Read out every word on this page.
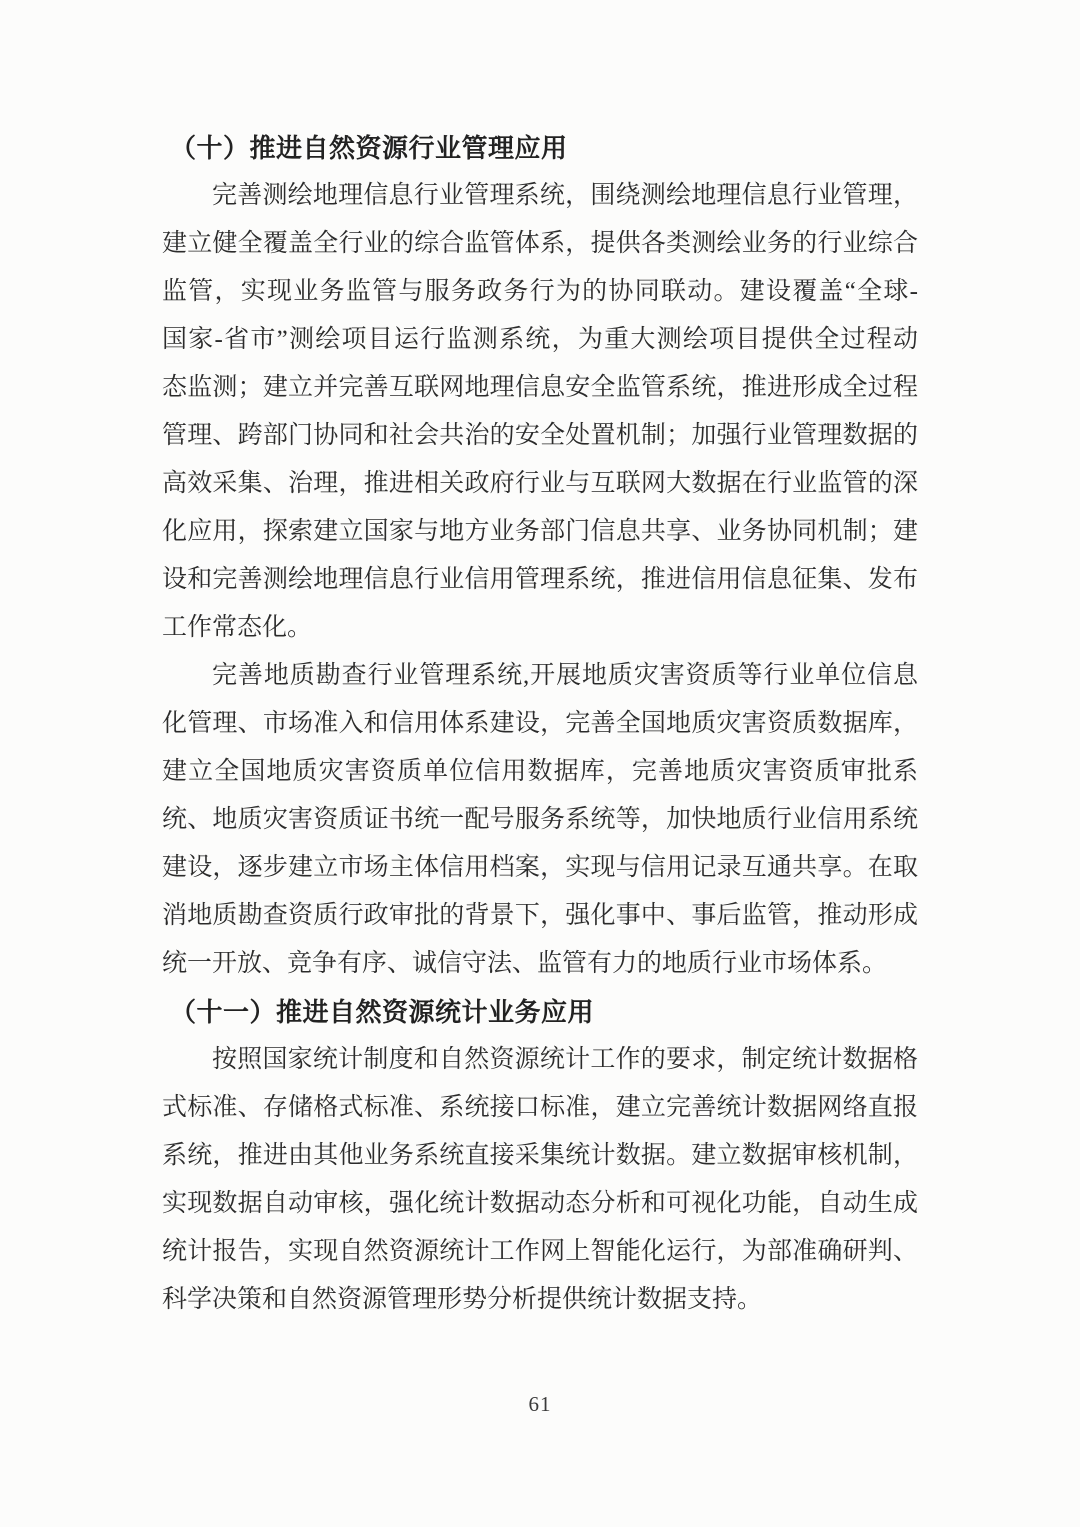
（十）推进自然资源行业管理应用
完善测绘地理信息行业管理系统，围绕测绘地理信息行业管理，
建立健全覆盖全行业的综合监管体系，提供各类测绘业务的行业综合
监管，实现业务监管与服务政务行为的协同联动。建设覆盖“全球-
国家-省市”测绘项目运行监测系统，为重大测绘项目提供全过程动
态监测；建立并完善互联网地理信息安全监管系统，推进形成全过程
管理、跨部门协同和社会共治的安全处置机制；加强行业管理数据的
高效采集、治理，推进相关政府行业与互联网大数据在行业监管的深
化应用，探索建立国家与地方业务部门信息共享、业务协同机制；建
设和完善测绘地理信息行业信用管理系统，推进信用信息征集、发布
工作常态化。
完善地质勘查行业管理系统,开展地质灾害资质等行业单位信息
化管理、市场准入和信用体系建设，完善全国地质灾害资质数据库，
建立全国地质灾害资质单位信用数据库，完善地质灾害资质审批系
统、地质灾害资质证书统一配号服务系统等，加快地质行业信用系统
建设，逐步建立市场主体信用档案，实现与信用记录互通共享。在取
消地质勘查资质行政审批的背景下，强化事中、事后监管，推动形成
统一开放、竞争有序、诚信守法、监管有力的地质行业市场体系。
（十一）推进自然资源统计业务应用
按照国家统计制度和自然资源统计工作的要求，制定统计数据格
式标准、存储格式标准、系统接口标准，建立完善统计数据网络直报
系统，推进由其他业务系统直接采集统计数据。建立数据审核机制，
实现数据自动审核，强化统计数据动态分析和可视化功能，自动生成
统计报告，实现自然资源统计工作网上智能化运行，为部准确研判、
科学决策和自然资源管理形势分析提供统计数据支持。
61
